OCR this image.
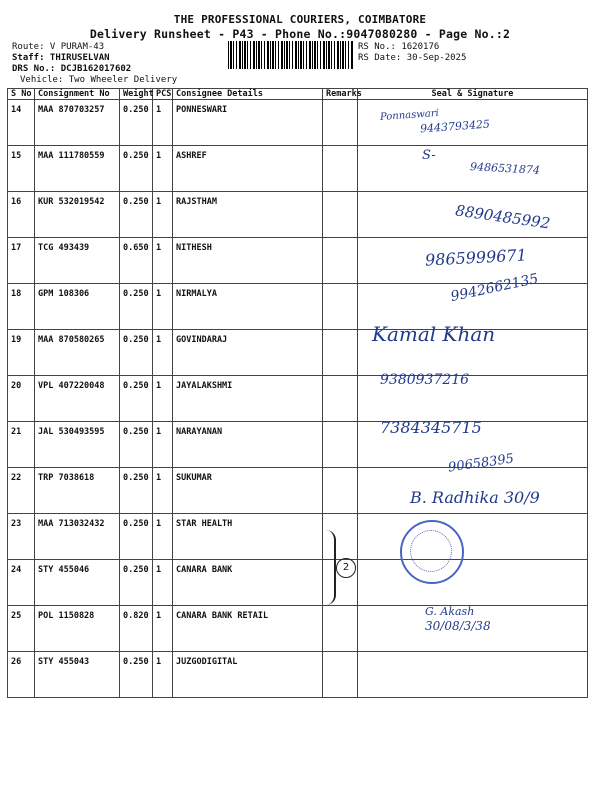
THE PROFESSIONAL COURIERS, COIMBATORE
Delivery Runsheet - P43 - Phone No.:9047080280 - Page No.:2
Route: V PURAM-43
Staff: THIRUSELVAN
DRS No.: DCJB162017602
Vehicle: Two Wheeler Delivery
RS No.: 1620176
RS Date: 30-Sep-2025
S No	Consignment No	Weight	PCS	Consignee Details	Remarks	Seal & Signature
14	MAA 870703257	0.250	1	PONNESWARI		
15	MAA 111780559	0.250	1	ASHREF		
16	KUR 532019542	0.250	1	RAJSTHAM		
17	TCG 493439	0.650	1	NITHESH		
18	GPM 108306	0.250	1	NIRMALYA		
19	MAA 870580265	0.250	1	GOVINDARAJ		
20	VPL 407220048	0.250	1	JAYALAKSHMI		
21	JAL 530493595	0.250	1	NARAYANAN		
22	TRP 7038618	0.250	1	SUKUMAR		
23	MAA 713032432	0.250	1	STAR HEALTH		
24	STY 455046	0.250	1	CANARA BANK		
25	POL 1150828	0.820	1	CANARA BANK RETAIL		
26	STY 455043	0.250	1	JUZGODIGITAL		
Ponnaswari
9443793425
S-
9486531874
8890485992
9865999671
9942662135
Kamal Khan
9380937216
7384345715
90658395
B. Radhika 30/9
2
G. Akash
30/08/3/38
